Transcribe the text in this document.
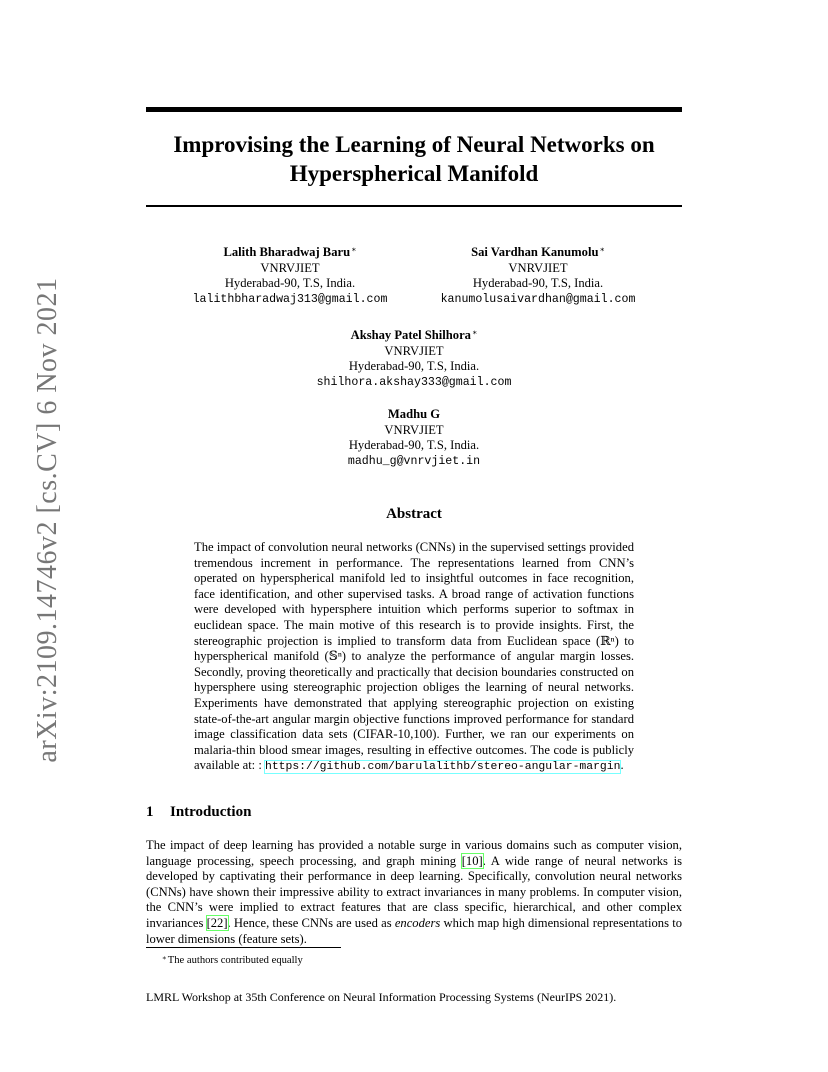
arXiv:2109.14746v2 [cs.CV] 6 Nov 2021
Improvising the Learning of Neural Networks on
Hyperspherical Manifold
Lalith Bharadwaj Baru∗
VNRVJIET
Hyderabad-90, T.S, India.
lalithbharadwaj313@gmail.com
Sai Vardhan Kanumolu∗
VNRVJIET
Hyderabad-90, T.S, India.
kanumolusaivardhan@gmail.com
Akshay Patel Shilhora∗
VNRVJIET
Hyderabad-90, T.S, India.
shilhora.akshay333@gmail.com
Madhu G
VNRVJIET
Hyderabad-90, T.S, India.
madhu_g@vnrvjiet.in
Abstract
The impact of convolution neural networks (CNNs) in the supervised settings provided tremendous increment in performance. The representations learned from CNN’s operated on hyperspherical manifold led to insightful outcomes in face recognition, face identification, and other supervised tasks. A broad range of activation functions were developed with hypersphere intuition which performs superior to softmax in euclidean space. The main motive of this research is to provide insights. First, the stereographic projection is implied to transform data from Euclidean space (ℝⁿ) to hyperspherical manifold (𝕊ⁿ) to analyze the performance of angular margin losses. Secondly, proving theoretically and practically that decision boundaries constructed on hypersphere using stereographic projection obliges the learning of neural networks. Experiments have demonstrated that applying stereographic projection on existing state-of-the-art angular margin objective functions improved performance for standard image classification data sets (CIFAR-10,100). Further, we ran our experiments on malaria-thin blood smear images, resulting in effective outcomes. The code is publicly available at: : https://github.com/barulalithb/stereo-angular-margin.
1 Introduction
The impact of deep learning has provided a notable surge in various domains such as computer vision, language processing, speech processing, and graph mining [10]. A wide range of neural networks is developed by captivating their performance in deep learning. Specifically, convolution neural networks (CNNs) have shown their impressive ability to extract invariances in many problems. In computer vision, the CNN’s were implied to extract features that are class specific, hierarchical, and other complex invariances [22]. Hence, these CNNs are used as encoders which map high dimensional representations to lower dimensions (feature sets).
∗The authors contributed equally
LMRL Workshop at 35th Conference on Neural Information Processing Systems (NeurIPS 2021).
